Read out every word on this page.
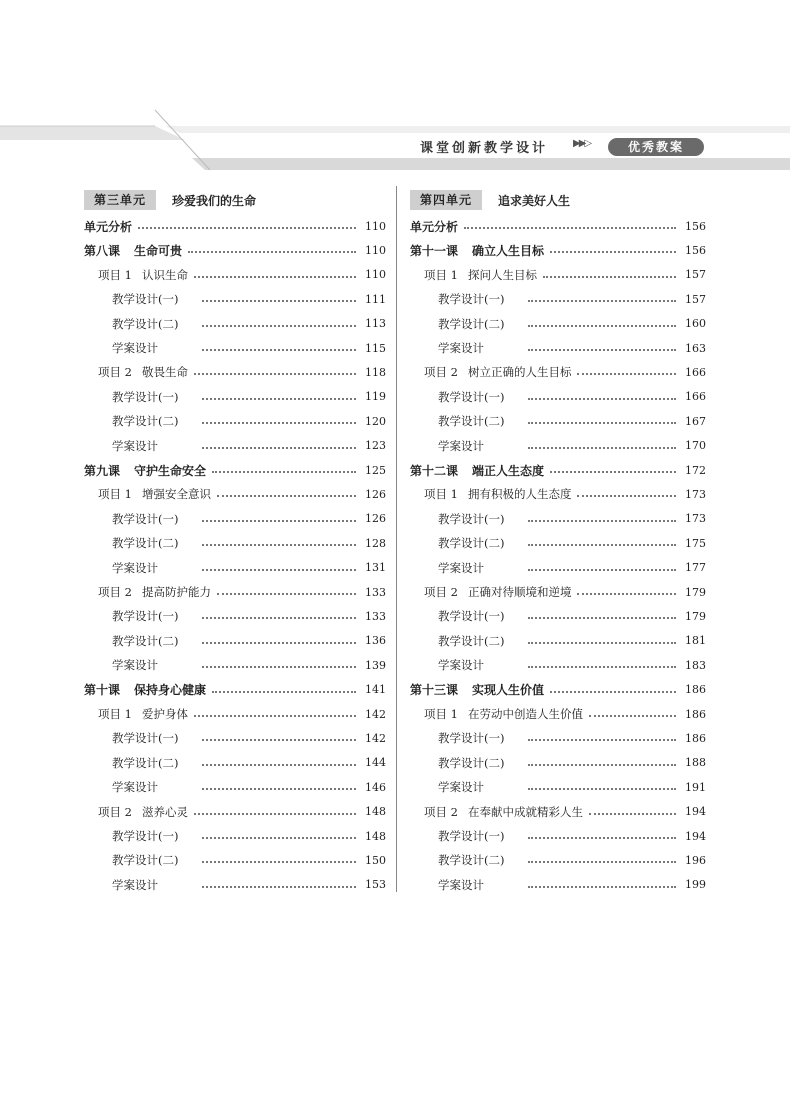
课堂创新教学设计 ▶▶▷	优秀教案
第三单元	珍爱我们的生命
单元分析	110
第八课 生命可贵	110
项目 1 认识生命	110
教学设计(一)	111
教学设计(二)	113
学案设计	115
项目 2 敬畏生命	118
教学设计(一)	119
教学设计(二)	120
学案设计	123
第九课 守护生命安全	125
项目 1 增强安全意识	126
教学设计(一)	126
教学设计(二)	128
学案设计	131
项目 2 提高防护能力	133
教学设计(一)	133
教学设计(二)	136
学案设计	139
第十课 保持身心健康	141
项目 1 爱护身体	142
教学设计(一)	142
教学设计(二)	144
学案设计	146
项目 2 滋养心灵	148
教学设计(一)	148
教学设计(二)	150
学案设计	153
第四单元	追求美好人生
单元分析	156
第十一课 确立人生目标	156
项目 1 探问人生目标	157
教学设计(一)	157
教学设计(二)	160
学案设计	163
项目 2 树立正确的人生目标	166
教学设计(一)	166
教学设计(二)	167
学案设计	170
第十二课 端正人生态度	172
项目 1 拥有积极的人生态度	173
教学设计(一)	173
教学设计(二)	175
学案设计	177
项目 2 正确对待顺境和逆境	179
教学设计(一)	179
教学设计(二)	181
学案设计	183
第十三课 实现人生价值	186
项目 1 在劳动中创造人生价值	186
教学设计(一)	186
教学设计(二)	188
学案设计	191
项目 2 在奉献中成就精彩人生	194
教学设计(一)	194
教学设计(二)	196
学案设计	199
